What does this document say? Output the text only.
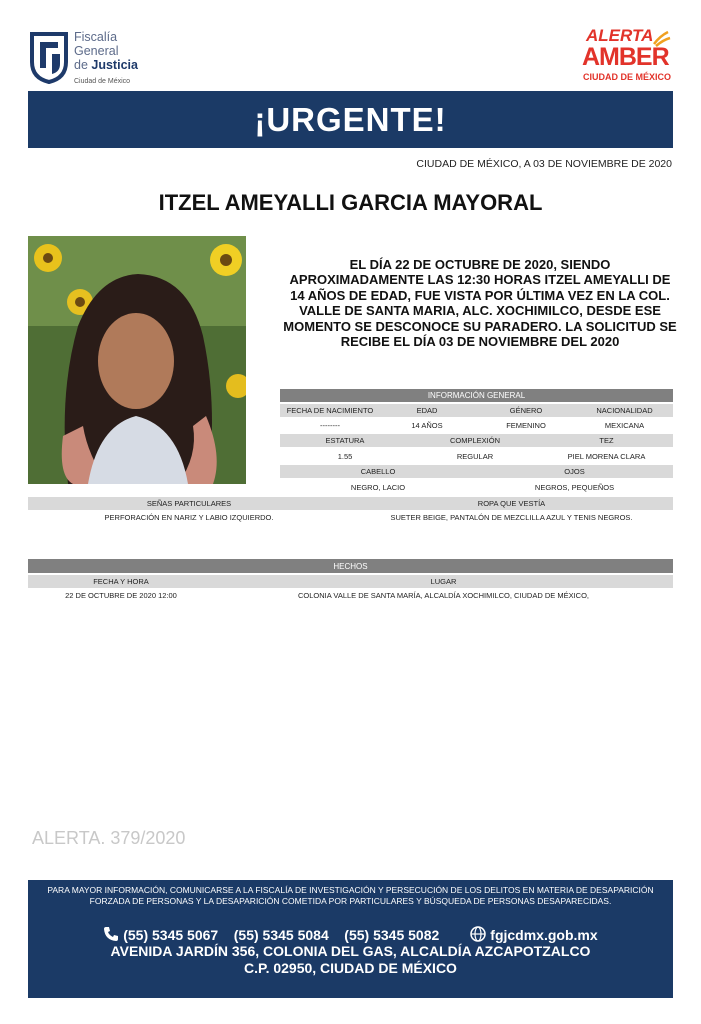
Fiscalía
General
de Justicia
Ciudad de México
ALERTA
AMBER
CIUDAD DE MÉXICO
¡URGENTE!
CIUDAD DE MÉXICO, A 03 DE NOVIEMBRE DE 2020
ITZEL AMEYALLI GARCIA MAYORAL
EL DÍA 22 DE OCTUBRE DE 2020, SIENDO APROXIMADAMENTE LAS 12:30 HORAS ITZEL AMEYALLI DE 14 AÑOS DE EDAD, FUE VISTA POR ÚLTIMA VEZ EN LA COL. VALLE DE SANTA MARIA, ALC. XOCHIMILCO, DESDE ESE MOMENTO SE DESCONOCE SU PARADERO. LA SOLICITUD SE RECIBE EL DÍA 03 DE NOVIEMBRE DEL 2020
INFORMACIÓN GENERAL
FECHA DE NACIMIENTO	EDAD	GÉNERO	NACIONALIDAD
--------	14 AÑOS	FEMENINO	MEXICANA
ESTATURA	COMPLEXIÓN	TEZ
1.55	REGULAR	PIEL MORENA CLARA
CABELLO	OJOS
NEGRO, LACIO	NEGROS, PEQUEÑOS
SEÑAS PARTICULARES	ROPA QUE VESTÍA
PERFORACIÓN EN NARIZ Y LABIO IZQUIERDO.	SUETER BEIGE, PANTALÓN DE MEZCLILLA AZUL Y TENIS NEGROS.
HECHOS
FECHA Y HORA	LUGAR
22 DE OCTUBRE DE 2020 12:00	COLONIA VALLE DE SANTA MARÍA, ALCALDÍA XOCHIMILCO, CIUDAD DE MÉXICO,
ALERTA. 379/2020
PARA MAYOR INFORMACIÓN, COMUNICARSE A LA FISCALÍA DE INVESTIGACIÓN Y PERSECUCIÓN DE LOS DELITOS EN MATERIA DE DESAPARICIÓN FORZADA DE PERSONAS Y LA DESAPARICIÓN COMETIDA POR PARTICULARES Y BÚSQUEDA DE PERSONAS DESAPARECIDAS.
(55) 5345 5067 (55) 5345 5084 (55) 5345 5082	fgjcdmx.gob.mx
AVENIDA JARDÍN 356, COLONIA DEL GAS, ALCALDÍA AZCAPOTZALCO
C.P. 02950, CIUDAD DE MÉXICO
